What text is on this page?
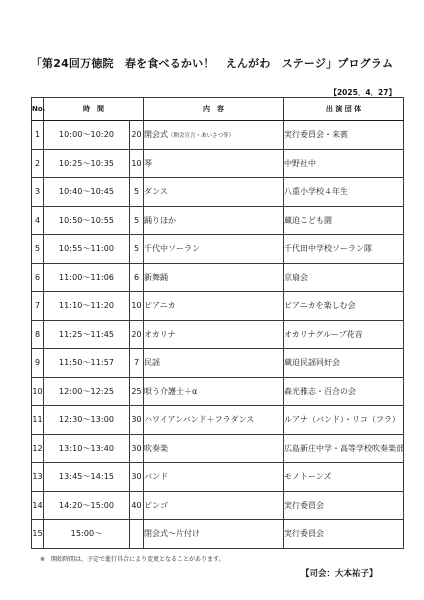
「第24回万徳院　春を食べるかい！　えんがわ　ステージ」プログラム
【2025．4．27】
No.	時　間		内　容	出 演 団 体
1	10:00〜10:20	20	開会式（開会宣言・あいさつ等）	実行委員会・来賓
2	10:25〜10:35	10	琴	中野社中
3	10:40〜10:45	5	ダンス	八重小学校４年生
4	10:50〜10:55	5	踊りほか	蔵迫こども園
5	10:55〜11:00	5	千代中ソーラン	千代田中学校ソーラン隊
6	11:00〜11:06	6	新舞踊	京扇会
7	11:10〜11:20	10	ピアニカ	ピアニカを楽しむ会
8	11:25〜11:45	20	オカリナ	オカリナグループ花音
9	11:50〜11:57	7	民謡	蔵迫民謡同好会
10	12:00〜12:25	25	唄う介護士＋α	森光雅志・百合の会
11	12:30〜13:00	30	ハワイアンバンド＋フラダンス	ルアナ（バンド）・リコ（フラ）
12	13:10〜13:40	30	吹奏楽	広島新庄中学・高等学校吹奏楽部
13	13:45〜14:15	30	バンド	モノトーンズ
14	14:20〜15:00	40	ビンゴ	実行委員会
15	15:00〜		閉会式〜片付け	実行委員会
※　開始時間は、予定で進行具合により変更となることがあります。
【司会：大本祐子】
